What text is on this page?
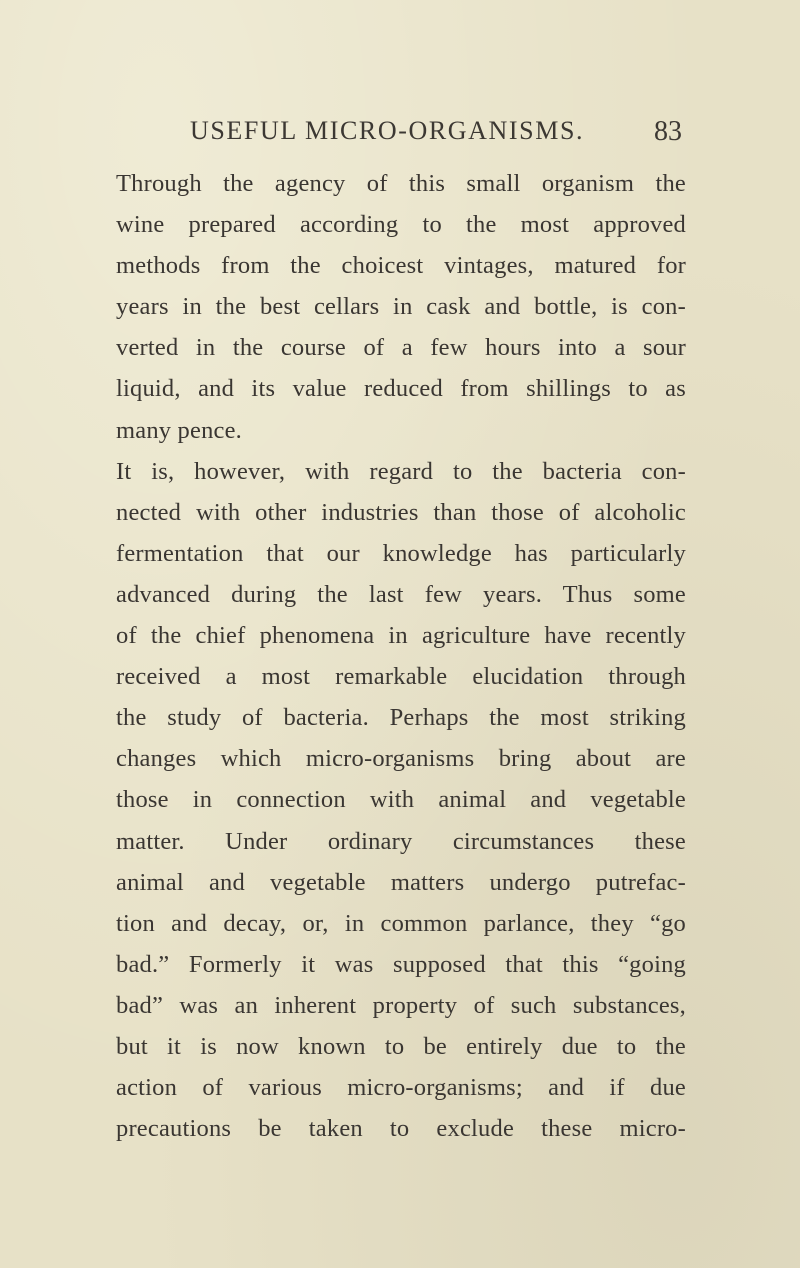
USEFUL MICRO-ORGANISMS. 83
Through the agency of this small organism the
wine prepared according to the most approved
methods from the choicest vintages, matured for
years in the best cellars in cask and bottle, is con-
verted in the course of a few hours into a sour
liquid, and its value reduced from shillings to as
many pence.
It is, however, with regard to the bacteria con-
nected with other industries than those of alcoholic
fermentation that our knowledge has particularly
advanced during the last few years. Thus some
of the chief phenomena in agriculture have recently
received a most remarkable elucidation through
the study of bacteria. Perhaps the most striking
changes which micro-organisms bring about are
those in connection with animal and vegetable
matter. Under ordinary circumstances these
animal and vegetable matters undergo putrefac-
tion and decay, or, in common parlance, they “go
bad.” Formerly it was supposed that this “going
bad” was an inherent property of such substances,
but it is now known to be entirely due to the
action of various micro-organisms; and if due
precautions be taken to exclude these micro-
